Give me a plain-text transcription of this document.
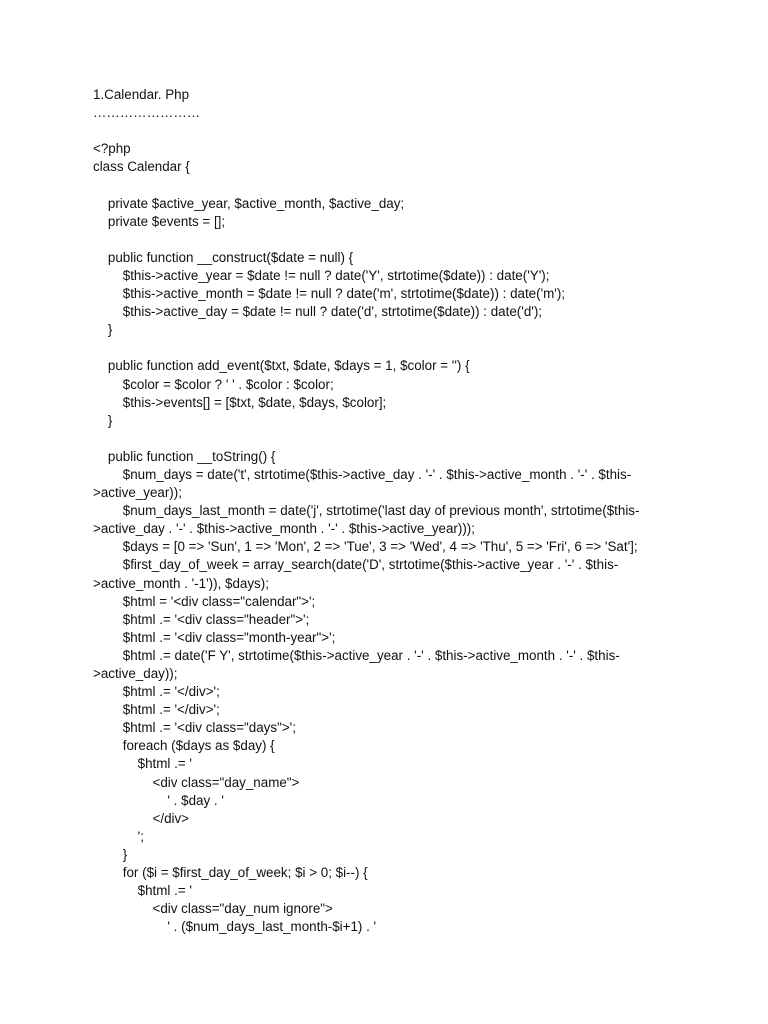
1.Calendar. Php
……………………
<?php
class Calendar {
private $active_year, $active_month, $active_day;
private $events = [];
public function __construct($date = null) {
$this->active_year = $date != null ? date('Y', strtotime($date)) : date('Y');
$this->active_month = $date != null ? date('m', strtotime($date)) : date('m');
$this->active_day = $date != null ? date('d', strtotime($date)) : date('d');
}
public function add_event($txt, $date, $days = 1, $color = '') {
$color = $color ? ' ' . $color : $color;
$this->events[] = [$txt, $date, $days, $color];
}
public function __toString() {
$num_days = date('t', strtotime($this->active_day . '-' . $this->active_month . '-' . $this-
>active_year));
$num_days_last_month = date('j', strtotime('last day of previous month', strtotime($this-
>active_day . '-' . $this->active_month . '-' . $this->active_year)));
$days = [0 => 'Sun', 1 => 'Mon', 2 => 'Tue', 3 => 'Wed', 4 => 'Thu', 5 => 'Fri', 6 => 'Sat'];
$first_day_of_week = array_search(date('D', strtotime($this->active_year . '-' . $this-
>active_month . '-1')), $days);
$html = '<div class="calendar">';
$html .= '<div class="header">';
$html .= '<div class="month-year">';
$html .= date('F Y', strtotime($this->active_year . '-' . $this->active_month . '-' . $this-
>active_day));
$html .= '</div>';
$html .= '</div>';
$html .= '<div class="days">';
foreach ($days as $day) {
$html .= '
<div class="day_name">
' . $day . '
</div>
';
}
for ($i = $first_day_of_week; $i > 0; $i--) {
$html .= '
<div class="day_num ignore">
' . ($num_days_last_month-$i+1) . '
